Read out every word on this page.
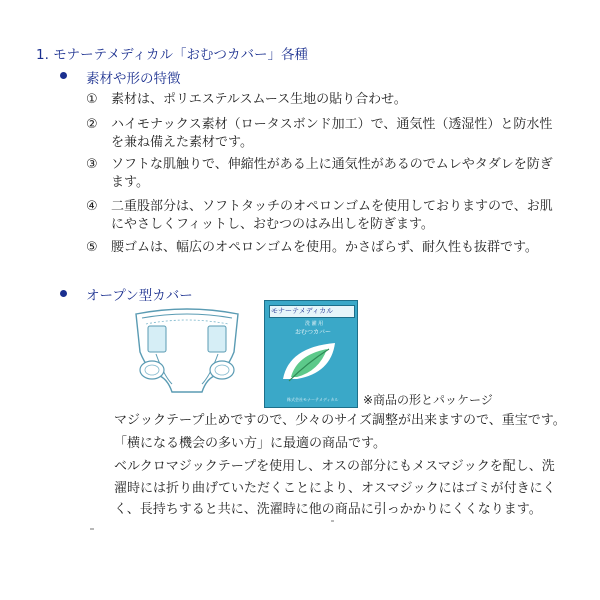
1. モナーテメディカル「おむつカバー」各種
素材や形の特徴
① 素材は、ポリエステルスムース生地の貼り合わせ。
② ハイモナックス素材（ロータスボンド加工）で、通気性（透湿性）と防水性
を兼ね備えた素材です。
③ ソフトな肌触りで、伸縮性がある上に通気性があるのでムレやタダレを防ぎ
ます。
④ 二重股部分は、ソフトタッチのオペロンゴムを使用しておりますので、お肌
にやさしくフィットし、おむつのはみ出しを防ぎます。
⑤ 腰ゴムは、幅広のオペロンゴムを使用。かさばらず、耐久性も抜群です。
オープン型カバー
モナーテメディカル
洗 濯 用
おむつカバー
株式会社モナーテメディカル ※商品の形とパッケージ
マジックテープ止めですので、少々のサイズ調整が出来ますので、重宝です。
「横になる機会の多い方」に最適の商品です。
ベルクロマジックテープを使用し、オスの部分にもメスマジックを配し、洗
濯時には折り曲げていただくことにより、オスマジックにはゴミが付きにく
く、長持ちすると共に、洗濯時に他の商品に引っかかりにくくなります。
